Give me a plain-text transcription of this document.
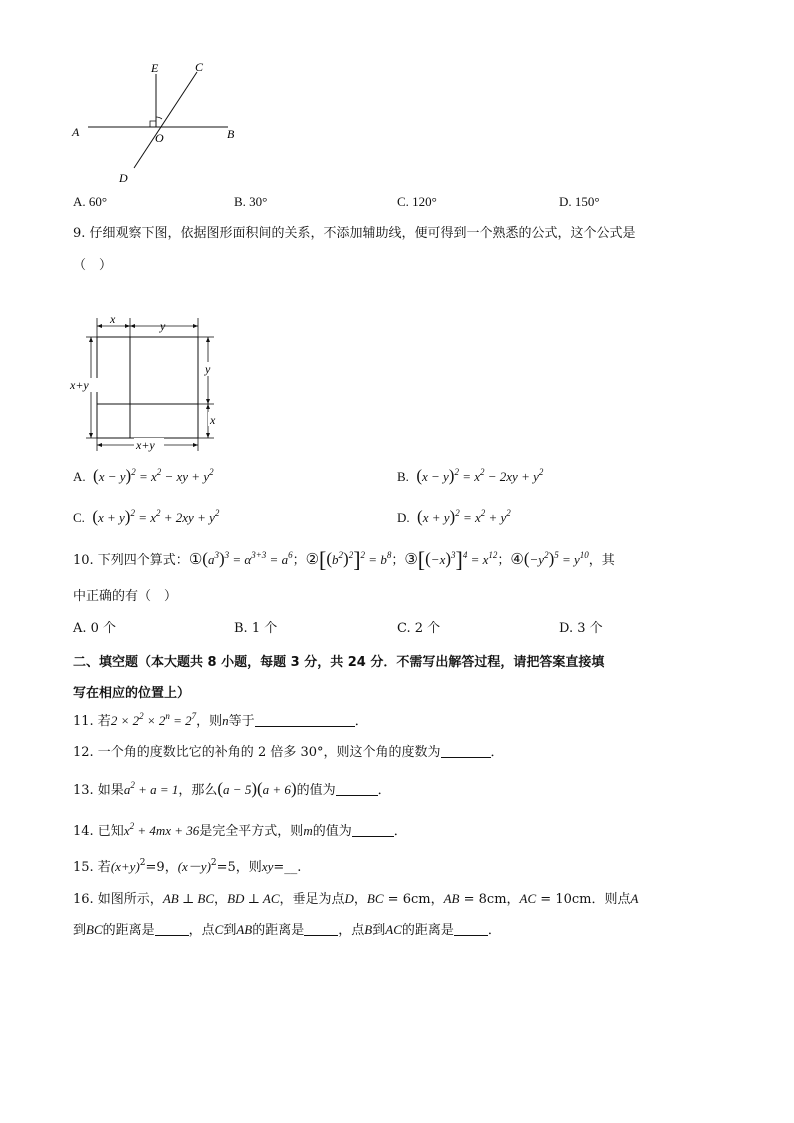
E	C
A	O	B
D
A. 60°	B. 30°	C. 120°	D. 150°
9. 仔细观察下图，依据图形面积间的关系，不添加辅助线，便可得到一个熟悉的公式，这个公式是
（　）
x	y
x+y
y
x
x+y
A. $(x - y)^2 = x^2$ − xy + $y^2$	B. $(x - y)^2 = x^2 - 2xy + y^2$
C. $(x + y)^2 = x^2 + 2xy + y^2$	D. $(x + y)^2 = x^2 + y^2$
10. 下列四个算式：$①(a^3)^3 = \alpha^{3+3} = a^6$；$②[(b^2)^2]^2 = b^8$；$③[(-x)^3]^4 = x^{12}$；$④(-y^2)^5 = y^{10}$，其
中正确的有（　）
A. 0 个	B. 1 个	C. 2 个	D. 3 个
二、填空题（本大题共 8 小题，每题 3 分，共 24 分．不需写出解答过程，请把答案直接填
写在相应的位置上）
11. 若$2 \times 2^2 \times 2^n = 2^7$，则n等于	．
12. 一个角的度数比它的补角的 2 倍多 30°，则这个角的度数为	．
13. 如果$a^2 + a = 1$，那么(a − 5)(a + 6)的值为	．
14. 已知$x^2 + 4mx + 36$是完全平方式，则m的值为	．
15. 若$(x+y)^2=9$，$(x-y)^2=5$，则xy=__.
16. 如图所示，AB ⊥ BC，BD ⊥ AC，垂足为点D，BC = 6cm，AB = 8cm，AC = 10cm．则点A
到BC的距离是	，点C到AB的距离是	，点B到AC的距离是	．
